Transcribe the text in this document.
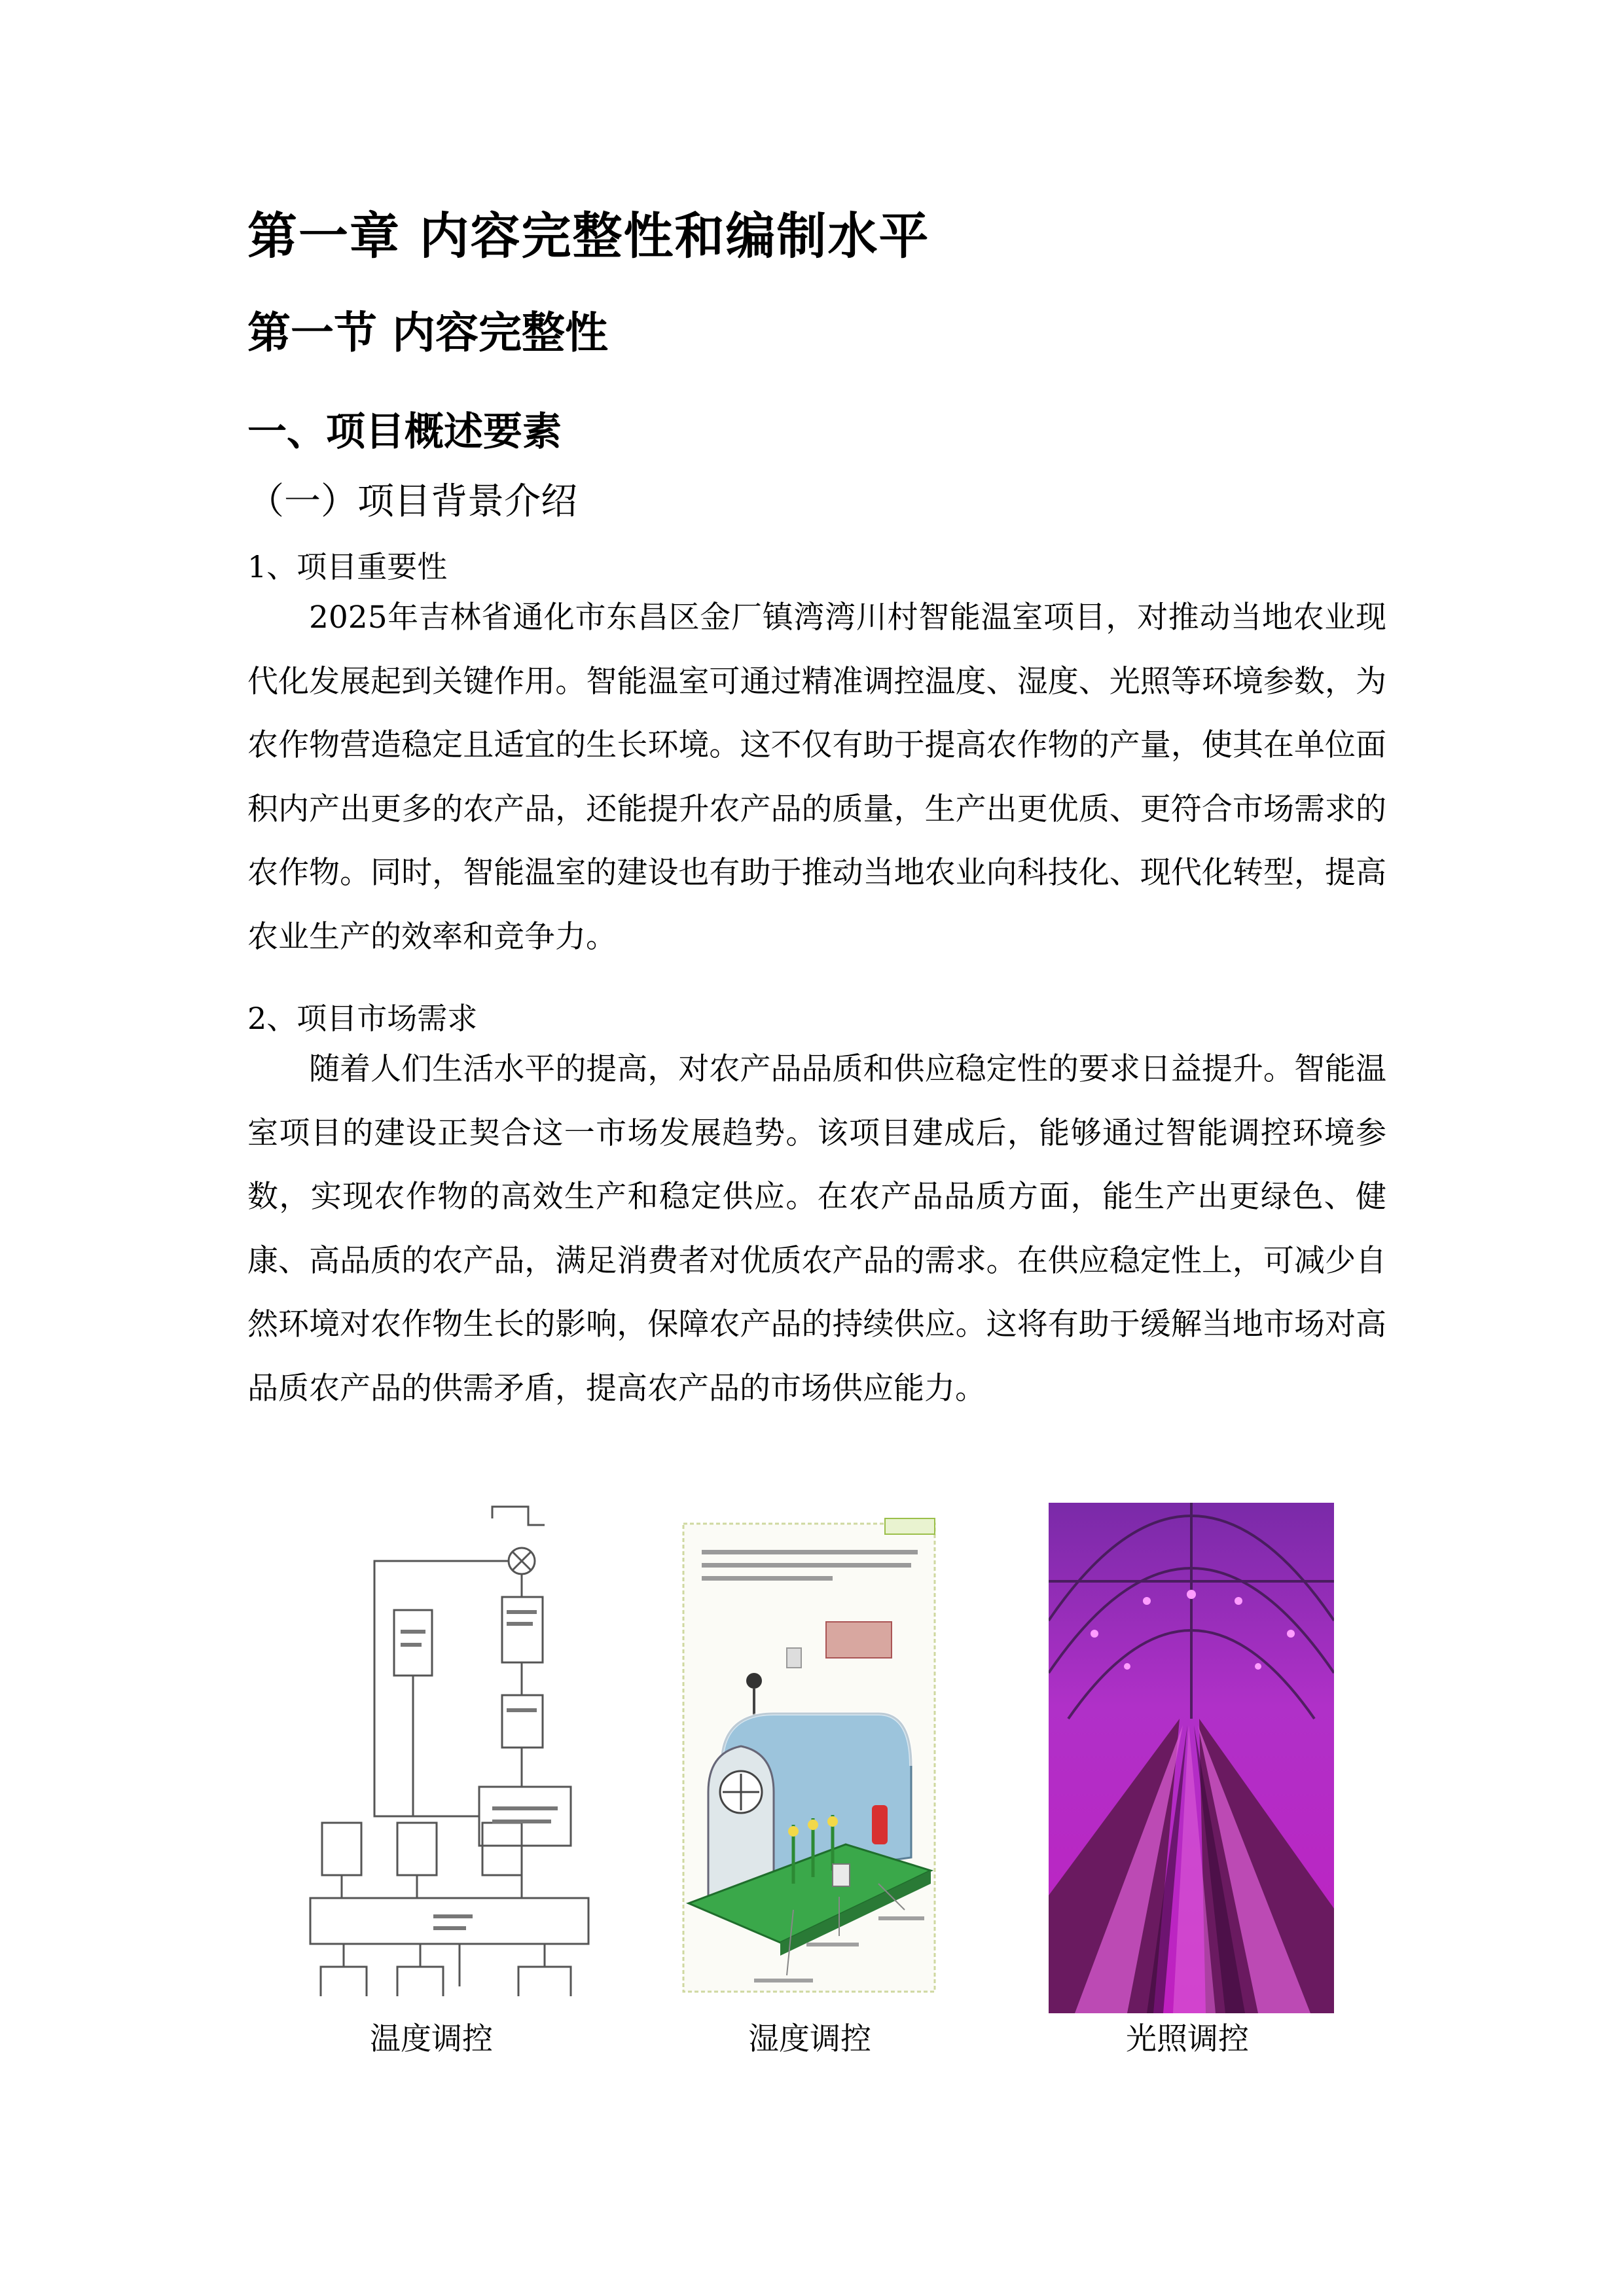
第一章 内容完整性和编制水平
第一节 内容完整性
一、项目概述要素
（一）项目背景介绍
1、项目重要性

2025年吉林省通化市东昌区金厂镇湾湾川村智能温室项目，对推动当地农业现代化发展起到关键作用。智能温室可通过精准调控温度、湿度、光照等环境参数，为农作物营造稳定且适宜的生长环境。这不仅有助于提高农作物的产量，使其在单位面积内产出更多的农产品，还能提升农产品的质量，生产出更优质、更符合市场需求的农作物。同时，智能温室的建设也有助于推动当地农业向科技化、现代化转型，提高农业生产的效率和竞争力。

2、项目市场需求

随着人们生活水平的提高，对农产品品质和供应稳定性的要求日益提升。智能温室项目的建设正契合这一市场发展趋势。该项目建成后，能够通过智能调控环境参数，实现农作物的高效生产和稳定供应。在农产品品质方面，能生产出更绿色、健康、高品质的农产品，满足消费者对优质农产品的需求。在供应稳定性上，可减少自然环境对农作物生长的影响，保障农产品的持续供应。这将有助于缓解当地市场对高品质农产品的供需矛盾，提高农产品的市场供应能力。

温度调控	湿度调控	光照调控
